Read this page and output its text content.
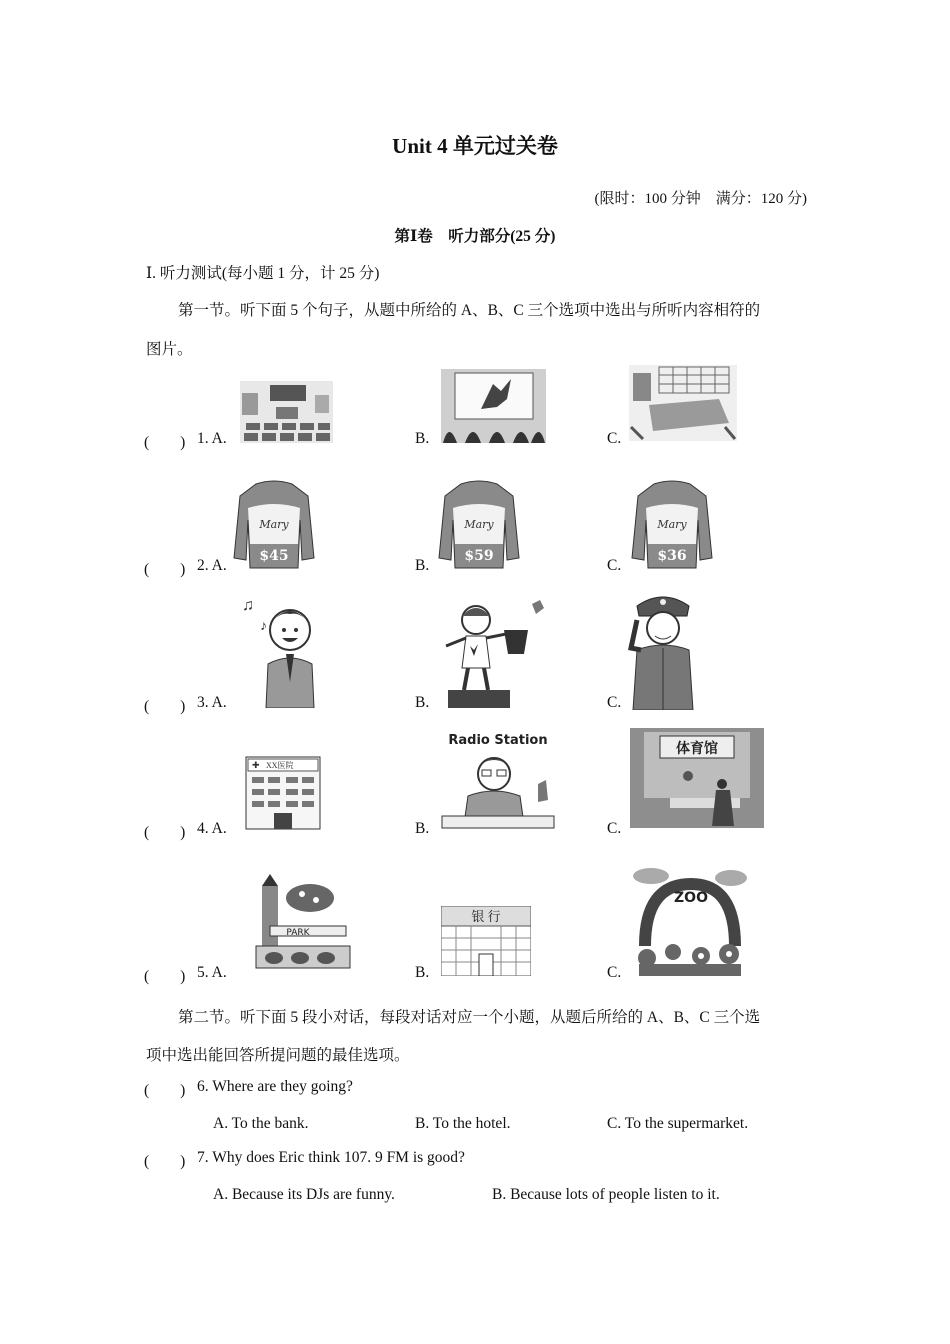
Unit 4 单元过关卷
(限时：100 分钟　满分：120 分)
第Ⅰ卷　听力部分(25 分)
Ⅰ. 听力测试(每小题 1 分，计 25 分)
第一节。听下面 5 个句子，从题中所给的 A、B、C 三个选项中选出与所听内容相符的
图片。
(　　) 1. A.	B.	C.
(　　) 2. A.	B.	C.
Mary
$45
Mary
$59
Mary
$36
(　　) 3. A.	B.	C.
♫
♪
(　　) 4. A.	B.	C.
✚ XX医院
Radio Station
体育馆
(　　) 5. A.	B.	C.
PARK
银 行
ZOO
第二节。听下面 5 段小对话，每段对话对应一个小题，从题后所给的 A、B、C 三个选
项中选出能回答所提问题的最佳选项。
(　　) 6. Where are they going?
A. To the bank.	B. To the hotel.	C. To the supermarket.
(　　) 7. Why does Eric think 107. 9 FM is good?
A. Because its DJs are funny.	B. Because lots of people listen to it.
